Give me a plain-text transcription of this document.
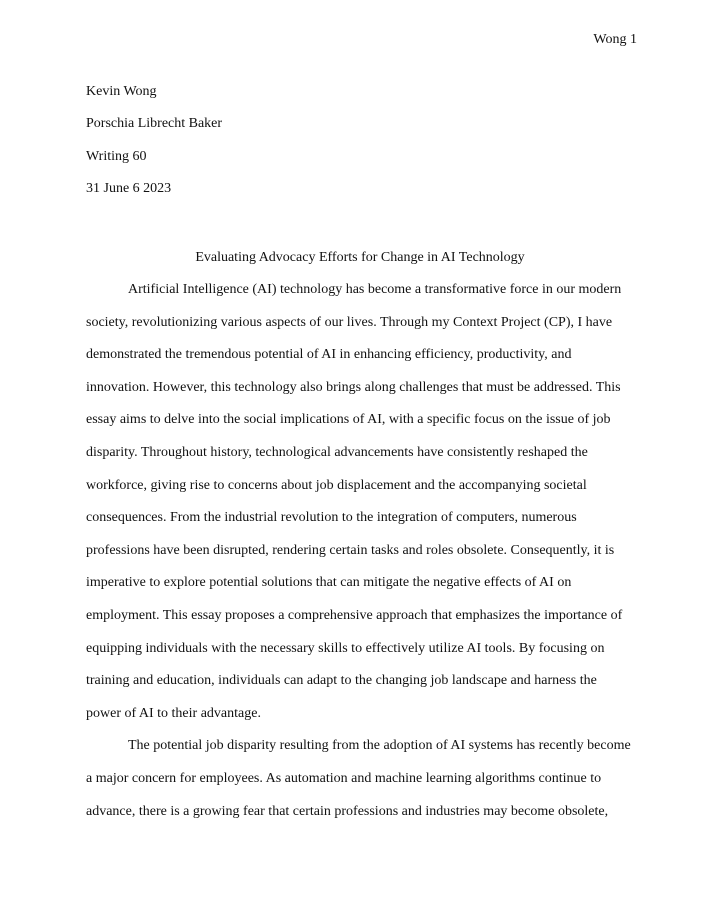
Wong 1
Kevin Wong
Porschia Librecht Baker
Writing 60
31 June 6 2023
Evaluating Advocacy Efforts for Change in AI Technology
Artificial Intelligence (AI) technology has become a transformative force in our modern
society, revolutionizing various aspects of our lives. Through my Context Project (CP), I have
demonstrated the tremendous potential of AI in enhancing efficiency, productivity, and
innovation. However, this technology also brings along challenges that must be addressed. This
essay aims to delve into the social implications of AI, with a specific focus on the issue of job
disparity. Throughout history, technological advancements have consistently reshaped the
workforce, giving rise to concerns about job displacement and the accompanying societal
consequences. From the industrial revolution to the integration of computers, numerous
professions have been disrupted, rendering certain tasks and roles obsolete. Consequently, it is
imperative to explore potential solutions that can mitigate the negative effects of AI on
employment. This essay proposes a comprehensive approach that emphasizes the importance of
equipping individuals with the necessary skills to effectively utilize AI tools. By focusing on
training and education, individuals can adapt to the changing job landscape and harness the
power of AI to their advantage.
The potential job disparity resulting from the adoption of AI systems has recently become
a major concern for employees. As automation and machine learning algorithms continue to
advance, there is a growing fear that certain professions and industries may become obsolete,
